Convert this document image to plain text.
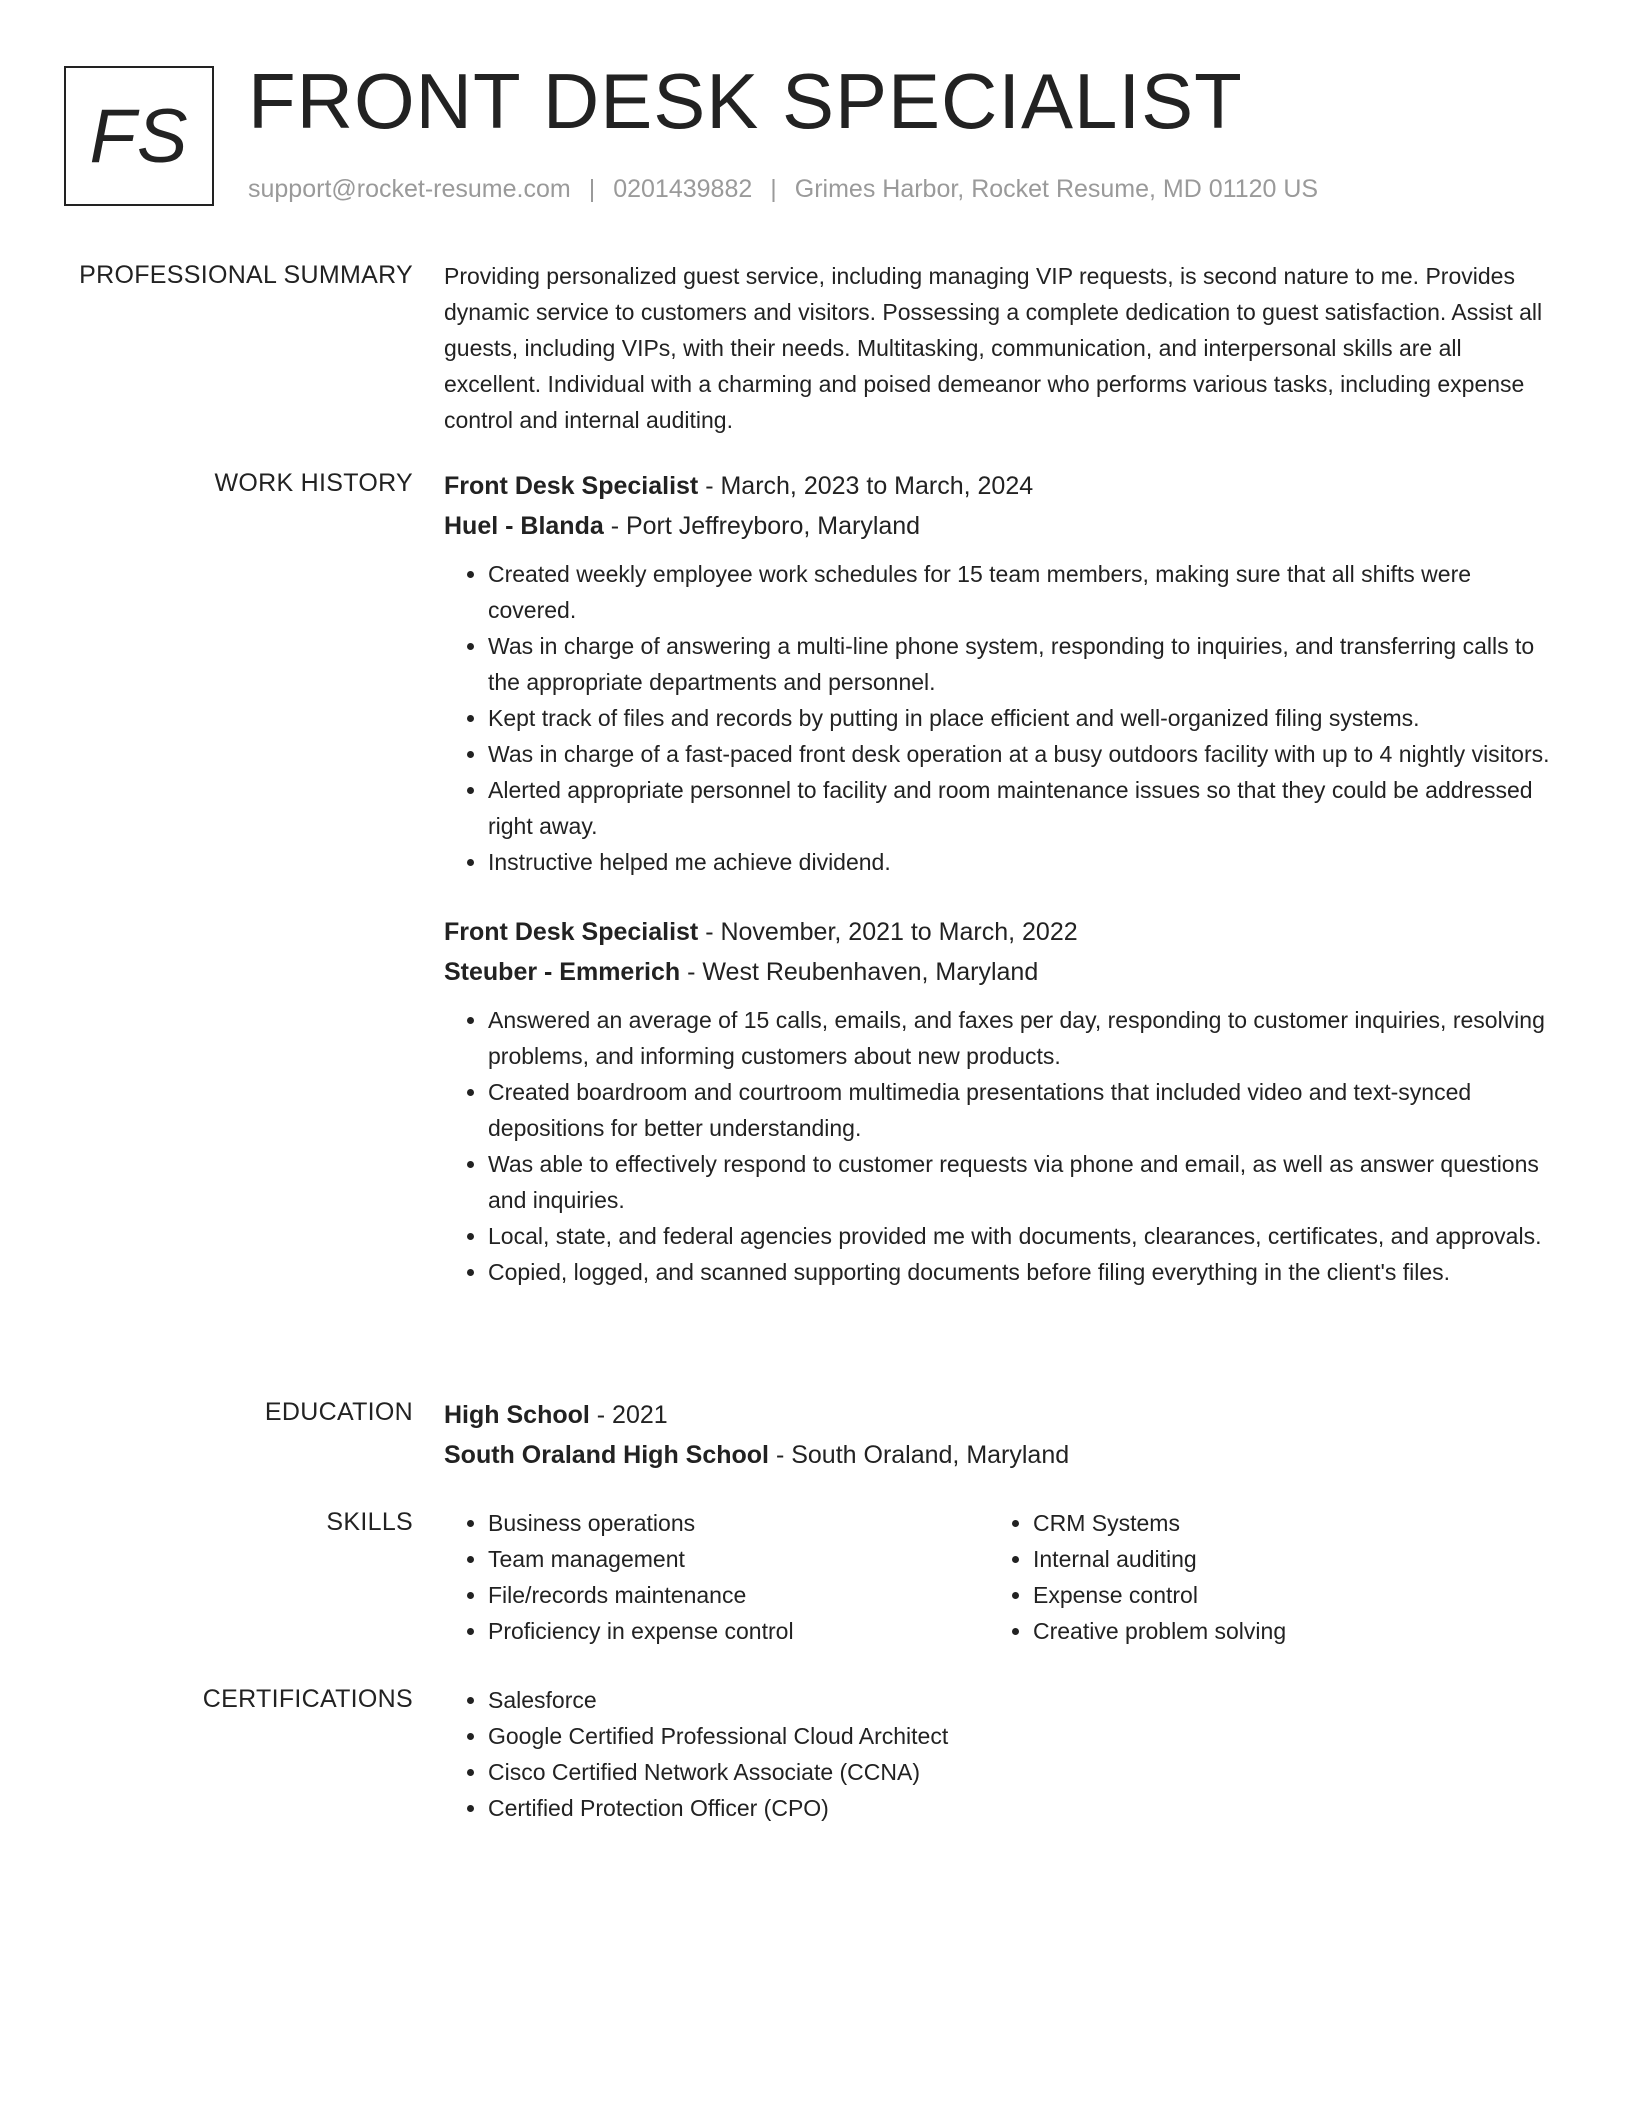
FS FRONT DESK SPECIALIST
support@rocket-resume.com | 0201439882 | Grimes Harbor, Rocket Resume, MD 01120 US
PROFESSIONAL SUMMARY Providing personalized guest service, including managing VIP requests, is second nature to me. Provides dynamic service to customers and visitors. Possessing a complete dedication to guest satisfaction. Assist all guests, including VIPs, with their needs. Multitasking, communication, and interpersonal skills are all excellent. Individual with a charming and poised demeanor who performs various tasks, including expense control and internal auditing.

WORK HISTORY Front Desk Specialist - March, 2023 to March, 2024
Huel - Blanda - Port Jeffreyboro, Maryland
• Created weekly employee work schedules for 15 team members, making sure that all shifts were covered.
• Was in charge of answering a multi-line phone system, responding to inquiries, and transferring calls to the appropriate departments and personnel.
• Kept track of files and records by putting in place efficient and well-organized filing systems.
• Was in charge of a fast-paced front desk operation at a busy outdoors facility with up to 4 nightly visitors.
• Alerted appropriate personnel to facility and room maintenance issues so that they could be addressed right away.
• Instructive helped me achieve dividend.
Front Desk Specialist - November, 2021 to March, 2022
Steuber - Emmerich - West Reubenhaven, Maryland
• Answered an average of 15 calls, emails, and faxes per day, responding to customer inquiries, resolving problems, and informing customers about new products.
• Created boardroom and courtroom multimedia presentations that included video and text-synced depositions for better understanding.
• Was able to effectively respond to customer requests via phone and email, as well as answer questions and inquiries.
• Local, state, and federal agencies provided me with documents, clearances, certificates, and approvals.
• Copied, logged, and scanned supporting documents before filing everything in the client's files.
EDUCATION High School - 2021
South Oraland High School - South Oraland, Maryland
SKILLS	• Business operations
• Team management
• File/records maintenance
• Proficiency in expense control
• CRM Systems
• Internal auditing
• Expense control
• Creative problem solving
CERTIFICATIONS	• Salesforce
• Google Certified Professional Cloud Architect
• Cisco Certified Network Associate (CCNA)
• Certified Protection Officer (CPO)
